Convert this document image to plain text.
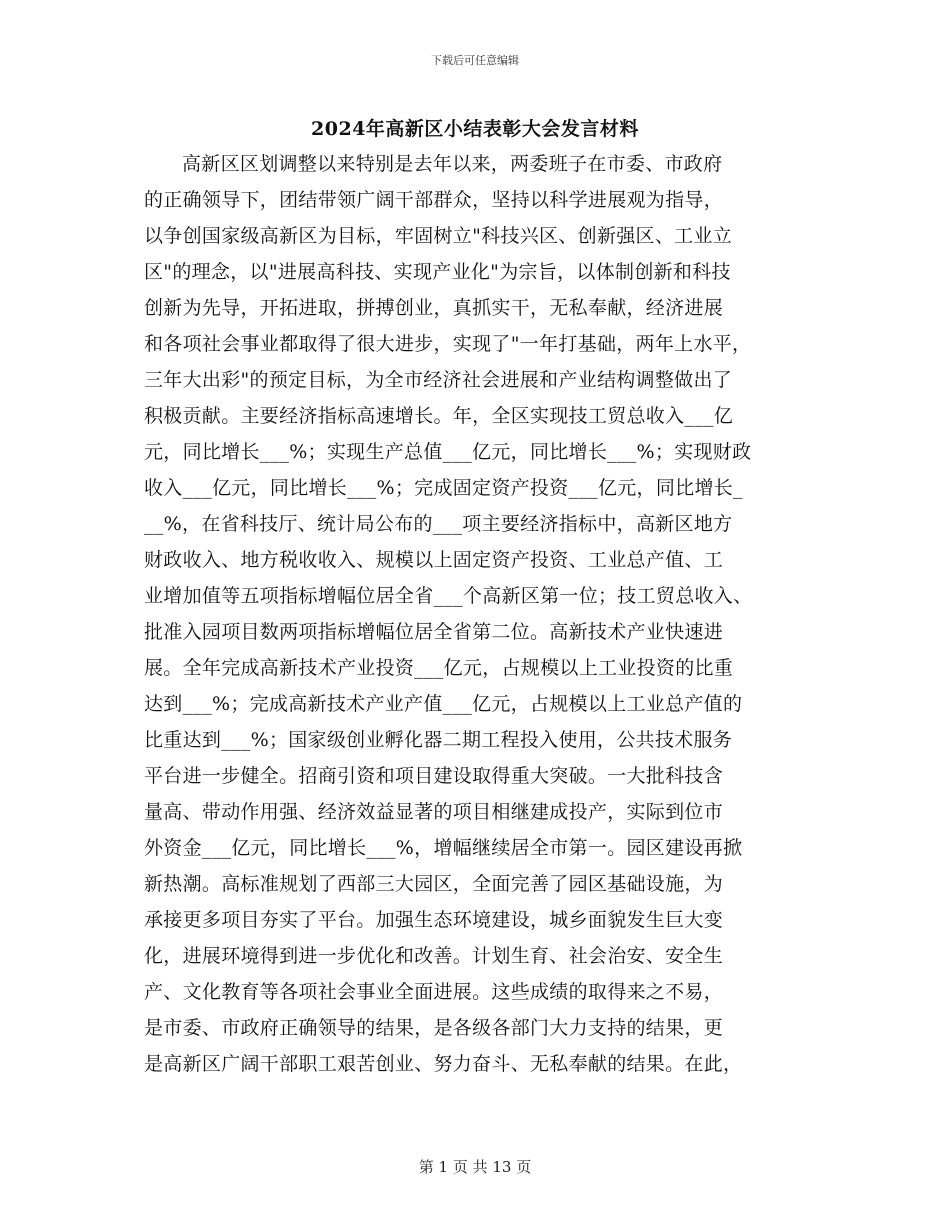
下载后可任意编辑
2024年高新区小结表彰大会发言材料
高新区区划调整以来特别是去年以来，两委班子在市委、市政府
的正确领导下，团结带领广阔干部群众，坚持以科学进展观为指导，
以争创国家级高新区为目标，牢固树立"科技兴区、创新强区、工业立
区"的理念，以"进展高科技、实现产业化"为宗旨，以体制创新和科技
创新为先导，开拓进取，拼搏创业，真抓实干，无私奉献，经济进展
和各项社会事业都取得了很大进步，实现了"一年打基础，两年上水平，
三年大出彩"的预定目标，为全市经济社会进展和产业结构调整做出了
积极贡献。主要经济指标高速增长。年，全区实现技工贸总收入___亿
元，同比增长___%；实现生产总值___亿元，同比增长___%；实现财政
收入___亿元，同比增长___%；完成固定资产投资___亿元，同比增长_
__%，在省科技厅、统计局公布的___项主要经济指标中，高新区地方
财政收入、地方税收收入、规模以上固定资产投资、工业总产值、工
业增加值等五项指标增幅位居全省___个高新区第一位；技工贸总收入、
批准入园项目数两项指标增幅位居全省第二位。高新技术产业快速进
展。全年完成高新技术产业投资___亿元，占规模以上工业投资的比重
达到___%；完成高新技术产业产值___亿元，占规模以上工业总产值的
比重达到___%；国家级创业孵化器二期工程投入使用，公共技术服务
平台进一步健全。招商引资和项目建设取得重大突破。一大批科技含
量高、带动作用强、经济效益显著的项目相继建成投产，实际到位市
外资金___亿元，同比增长___%，增幅继续居全市第一。园区建设再掀
新热潮。高标准规划了西部三大园区，全面完善了园区基础设施，为
承接更多项目夯实了平台。加强生态环境建设，城乡面貌发生巨大变
化，进展环境得到进一步优化和改善。计划生育、社会治安、安全生
产、文化教育等各项社会事业全面进展。这些成绩的取得来之不易，
是市委、市政府正确领导的结果，是各级各部门大力支持的结果，更
是高新区广阔干部职工艰苦创业、努力奋斗、无私奉献的结果。在此，
第 1 页 共 13 页
